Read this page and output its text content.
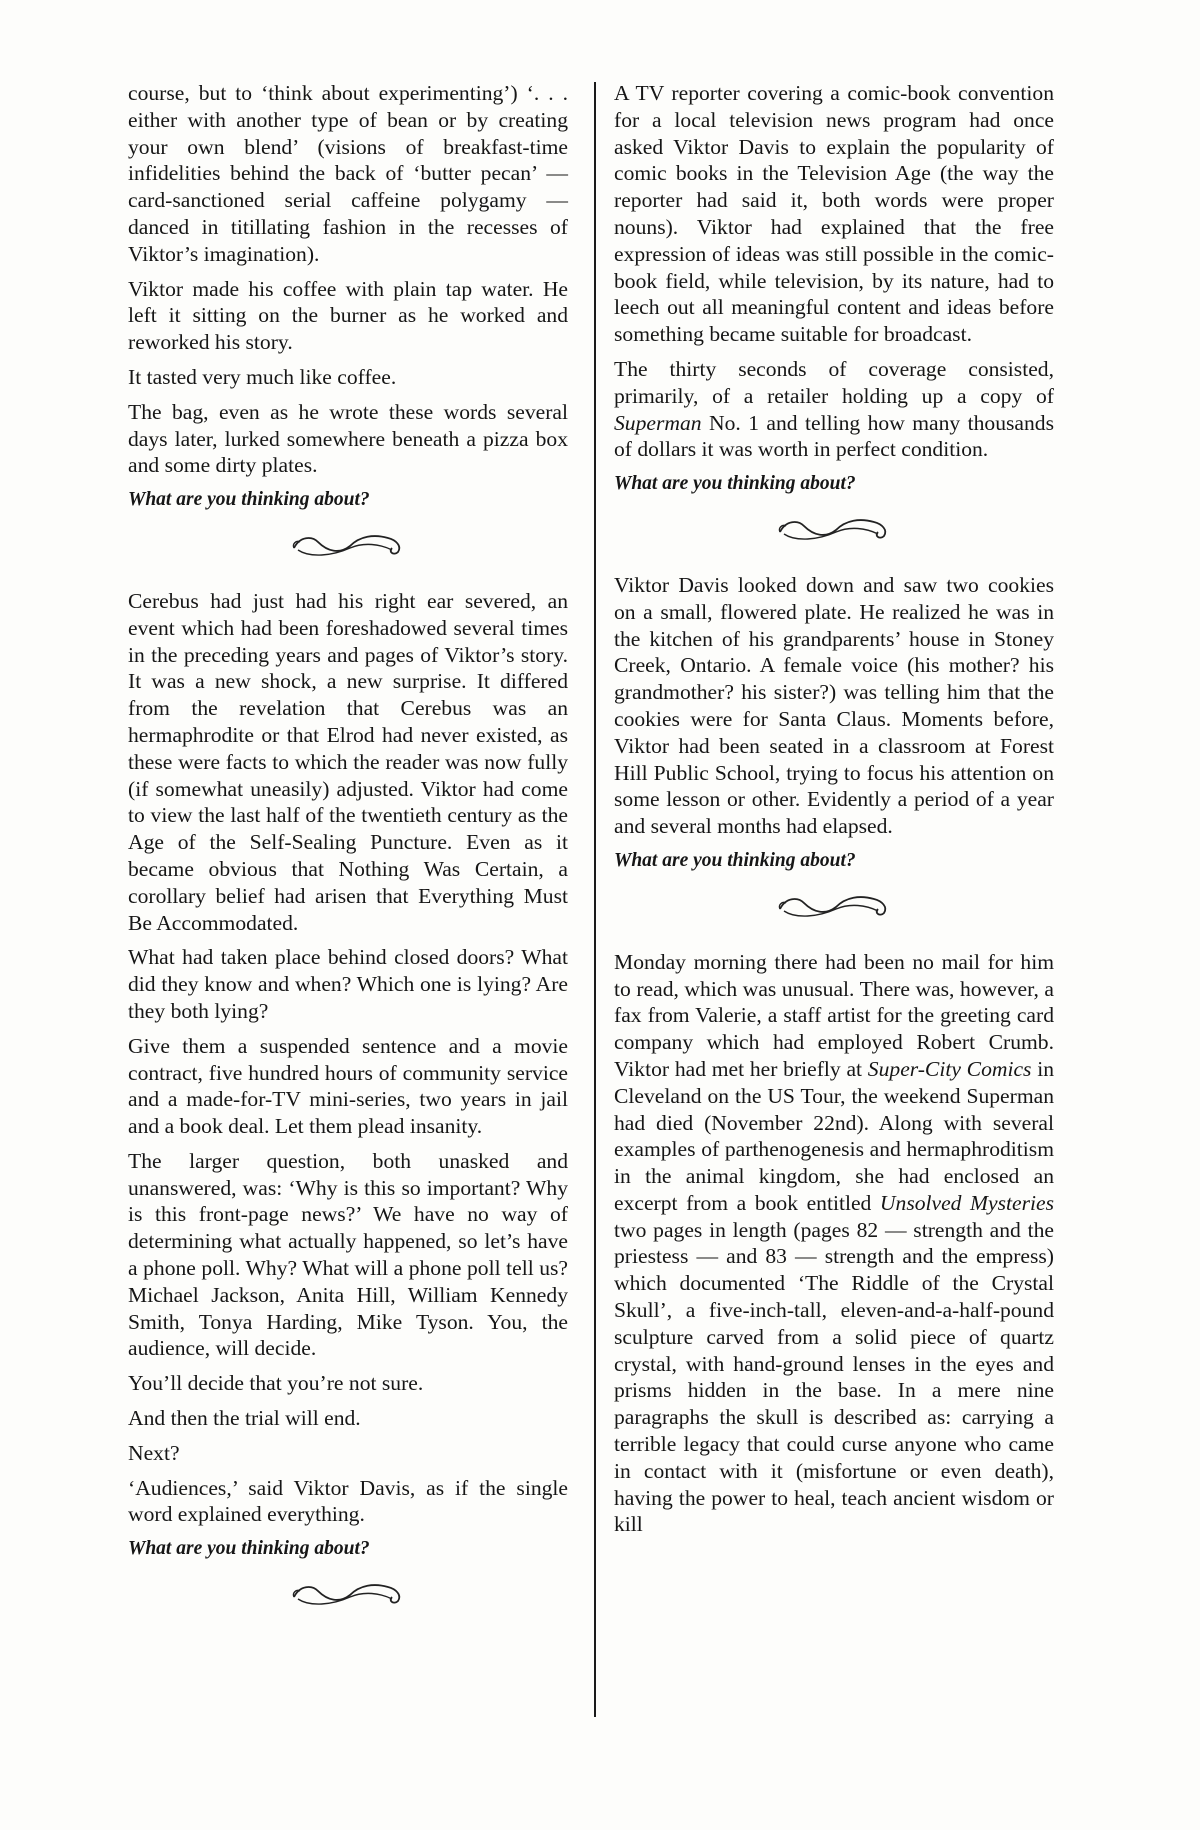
course, but to ‘think about experimenting’) ‘. . . either with another type of bean or by creating your own blend’ (visions of breakfast-time infidelities behind the back of ‘butter pecan’ — card-sanctioned serial caffeine polygamy — danced in titillating fashion in the recesses of Viktor’s imagination).

Viktor made his coffee with plain tap water. He left it sitting on the burner as he worked and reworked his story.

It tasted very much like coffee.

The bag, even as he wrote these words several days later, lurked somewhere beneath a pizza box and some dirty plates.

What are you thinking about?

Cerebus had just had his right ear severed, an event which had been foreshadowed several times in the preceding years and pages of Viktor’s story. It was a new shock, a new surprise. It differed from the revelation that Cerebus was an hermaphrodite or that Elrod had never existed, as these were facts to which the reader was now fully (if somewhat uneasily) adjusted. Viktor had come to view the last half of the twentieth century as the Age of the Self-Sealing Puncture. Even as it became obvious that Nothing Was Certain, a corollary belief had arisen that Everything Must Be Accommodated.

What had taken place behind closed doors? What did they know and when? Which one is lying? Are they both lying?

Give them a suspended sentence and a movie contract, five hundred hours of community service and a made-for-TV mini-series, two years in jail and a book deal. Let them plead insanity.

The larger question, both unasked and unanswered, was: ‘Why is this so important? Why is this front-page news?’ We have no way of determining what actually happened, so let’s have a phone poll. Why? What will a phone poll tell us? Michael Jackson, Anita Hill, William Kennedy Smith, Tonya Harding, Mike Tyson. You, the audience, will decide.

You’ll decide that you’re not sure.

And then the trial will end.

Next?

‘Audiences,’ said Viktor Davis, as if the single word explained everything.

What are you thinking about?

A TV reporter covering a comic-book convention for a local television news program had once asked Viktor Davis to explain the popularity of comic books in the Television Age (the way the reporter had said it, both words were proper nouns). Viktor had explained that the free expression of ideas was still possible in the comic-book field, while television, by its nature, had to leech out all meaningful content and ideas before something became suitable for broadcast.

The thirty seconds of coverage consisted, primarily, of a retailer holding up a copy of Superman No. 1 and telling how many thousands of dollars it was worth in perfect condition.

What are you thinking about?

Viktor Davis looked down and saw two cookies on a small, flowered plate. He realized he was in the kitchen of his grandparents’ house in Stoney Creek, Ontario. A female voice (his mother? his grandmother? his sister?) was telling him that the cookies were for Santa Claus. Moments before, Viktor had been seated in a classroom at Forest Hill Public School, trying to focus his attention on some lesson or other. Evidently a period of a year and several months had elapsed.

What are you thinking about?

Monday morning there had been no mail for him to read, which was unusual. There was, however, a fax from Valerie, a staff artist for the greeting card company which had employed Robert Crumb. Viktor had met her briefly at Super-City Comics in Cleveland on the US Tour, the weekend Superman had died (November 22nd). Along with several examples of parthenogenesis and hermaphroditism in the animal kingdom, she had enclosed an excerpt from a book entitled Unsolved Mysteries two pages in length (pages 82 — strength and the priestess — and 83 — strength and the empress) which documented ‘The Riddle of the Crystal Skull’, a five-inch-tall, eleven-and-a-half-pound sculpture carved from a solid piece of quartz crystal, with hand-ground lenses in the eyes and prisms hidden in the base. In a mere nine paragraphs the skull is described as: carrying a terrible legacy that could curse anyone who came in contact with it (misfortune or even death), having the power to heal, teach ancient wisdom or kill
